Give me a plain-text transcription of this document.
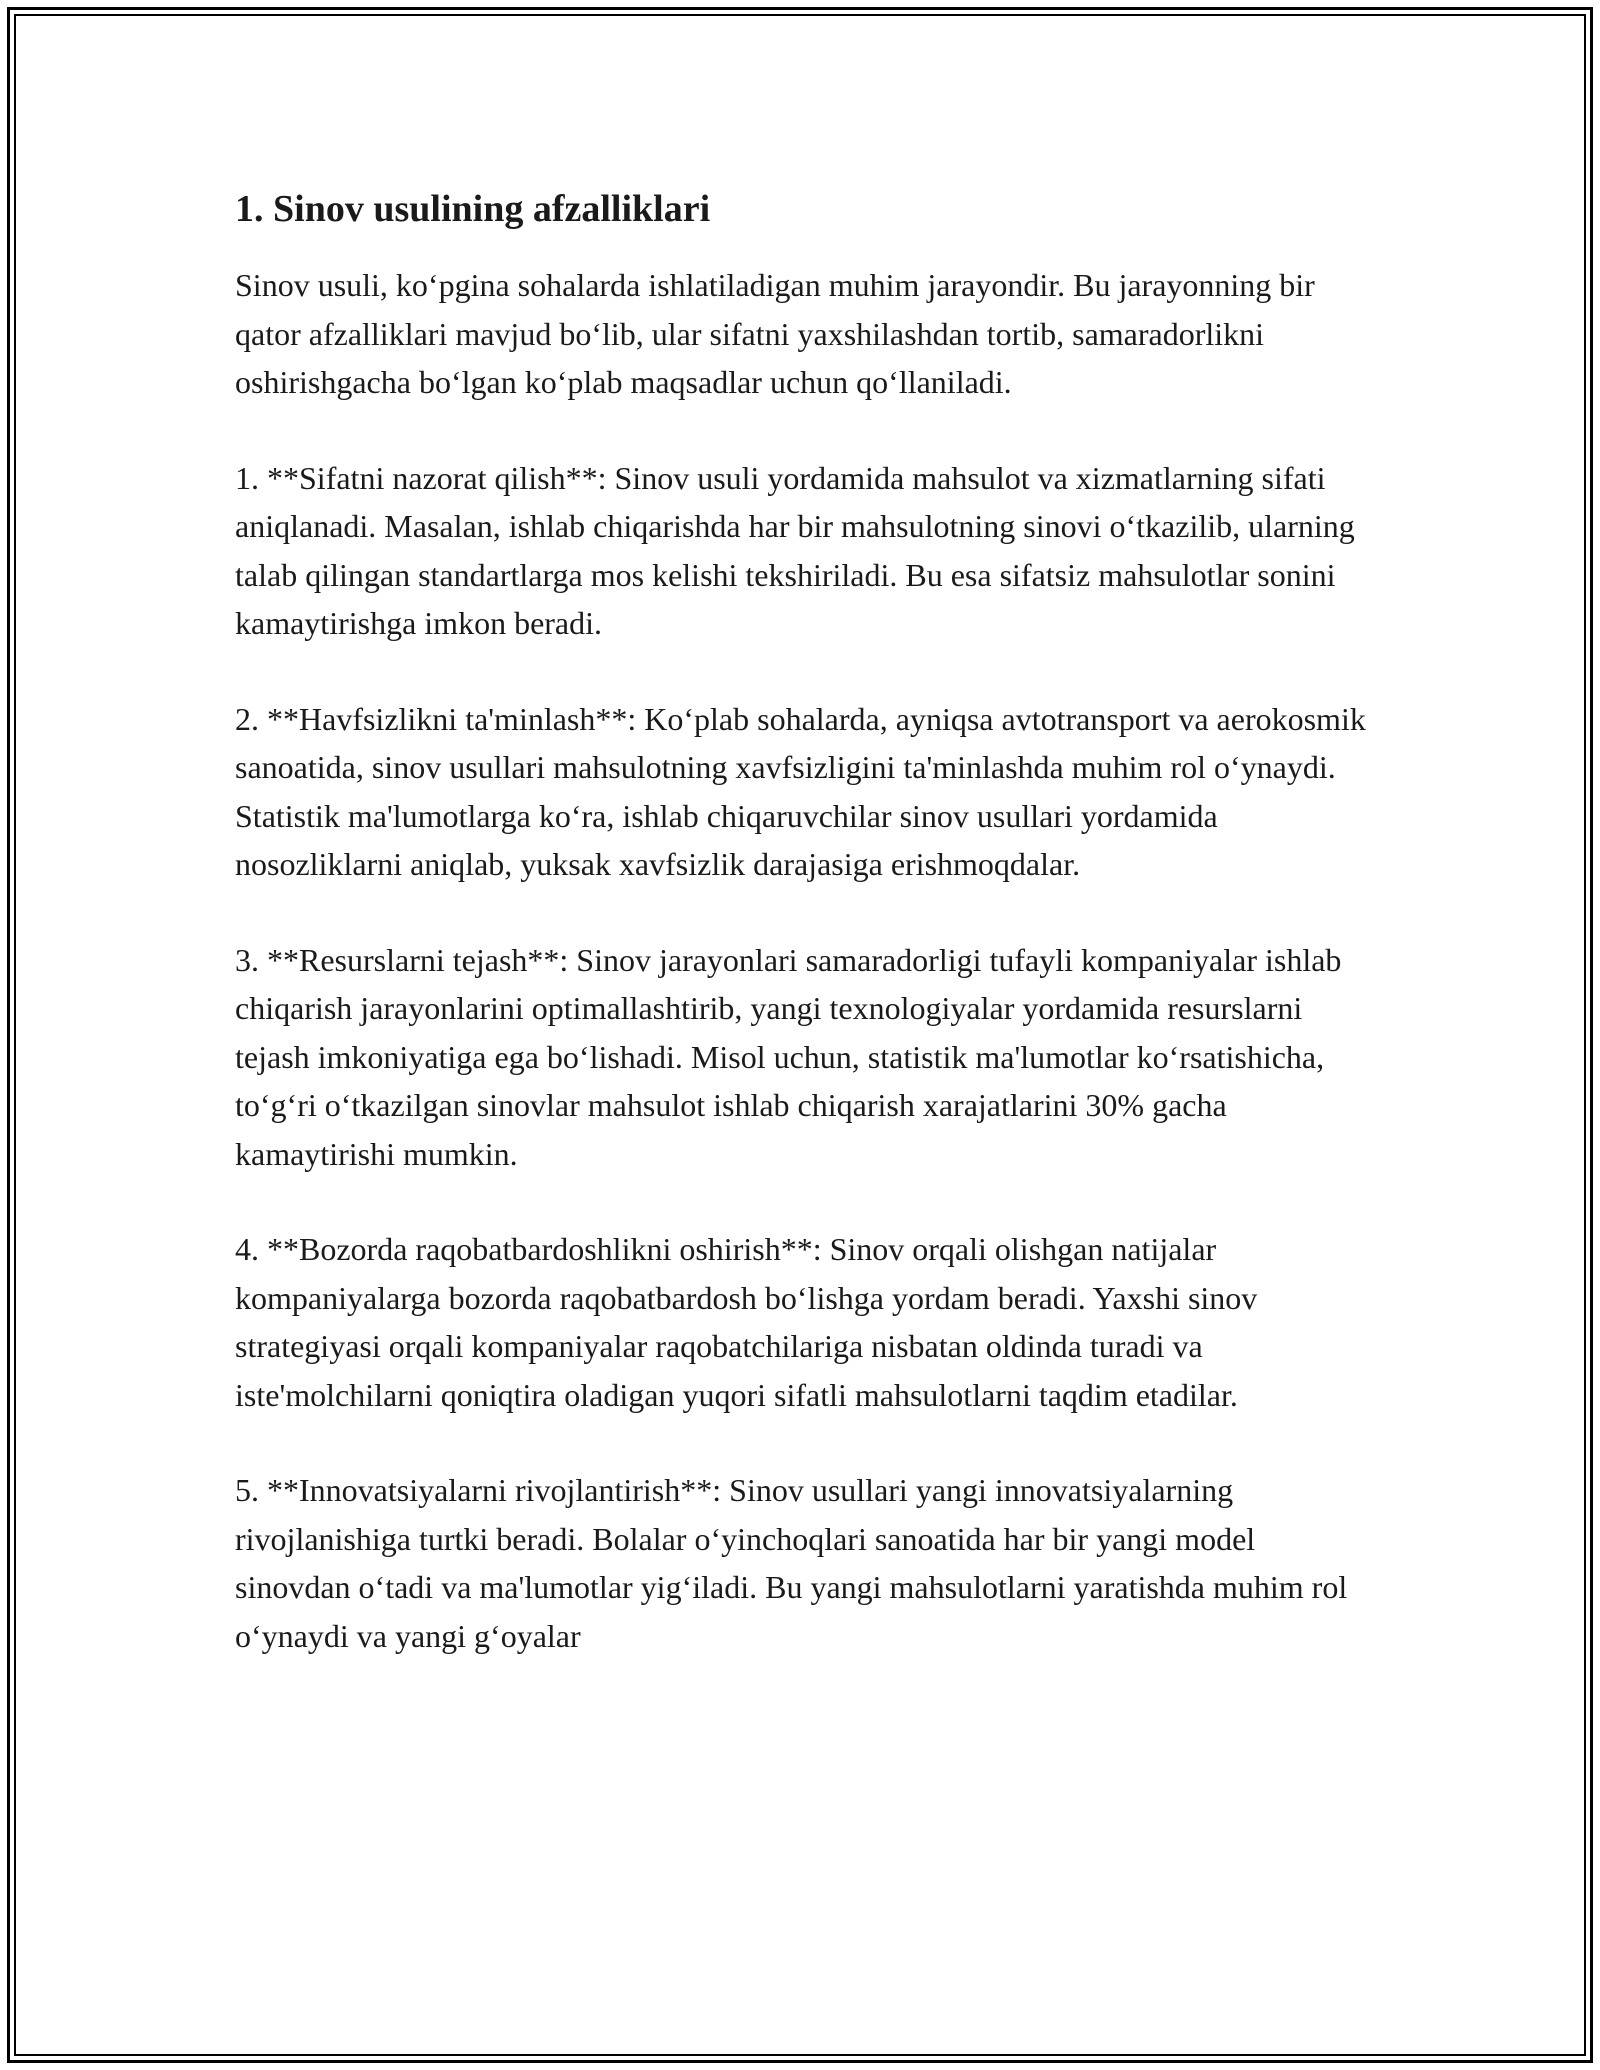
1. Sinov usulining afzalliklari

Sinov usuli, ko‘pgina sohalarda ishlatiladigan muhim jarayondir. Bu jarayonning bir qator afzalliklari mavjud bo‘lib, ular sifatni yaxshilashdan tortib, samaradorlikni oshirishgacha bo‘lgan ko‘plab maqsadlar uchun qo‘llaniladi.

1. **Sifatni nazorat qilish**: Sinov usuli yordamida mahsulot va xizmatlarning sifati aniqlanadi. Masalan, ishlab chiqarishda har bir mahsulotning sinovi o‘tkazilib, ularning talab qilingan standartlarga mos kelishi tekshiriladi. Bu esa sifatsiz mahsulotlar sonini kamaytirishga imkon beradi.

2. **Havfsizlikni ta'minlash**: Ko‘plab sohalarda, ayniqsa avtotransport va aerokosmik sanoatida, sinov usullari mahsulotning xavfsizligini ta'minlashda muhim rol o‘ynaydi. Statistik ma'lumotlarga ko‘ra, ishlab chiqaruvchilar sinov usullari yordamida nosozliklarni aniqlab, yuksak xavfsizlik darajasiga erishmoqdalar.

3. **Resurslarni tejash**: Sinov jarayonlari samaradorligi tufayli kompaniyalar ishlab chiqarish jarayonlarini optimallashtirib, yangi texnologiyalar yordamida resurslarni tejash imkoniyatiga ega bo‘lishadi. Misol uchun, statistik ma'lumotlar ko‘rsatishicha, to‘g‘ri o‘tkazilgan sinovlar mahsulot ishlab chiqarish xarajatlarini 30% gacha kamaytirishi mumkin.

4. **Bozorda raqobatbardoshlikni oshirish**: Sinov orqali olishgan natijalar kompaniyalarga bozorda raqobatbardosh bo‘lishga yordam beradi. Yaxshi sinov strategiyasi orqali kompaniyalar raqobatchilariga nisbatan oldinda turadi va iste'molchilarni qoniqtira oladigan yuqori sifatli mahsulotlarni taqdim etadilar.

5. **Innovatsiyalarni rivojlantirish**: Sinov usullari yangi innovatsiyalarning rivojlanishiga turtki beradi. Bolalar o‘yinchoqlari sanoatida har bir yangi model sinovdan o‘tadi va ma'lumotlar yig‘iladi. Bu yangi mahsulotlarni yaratishda muhim rol o‘ynaydi va yangi g‘oyalar
